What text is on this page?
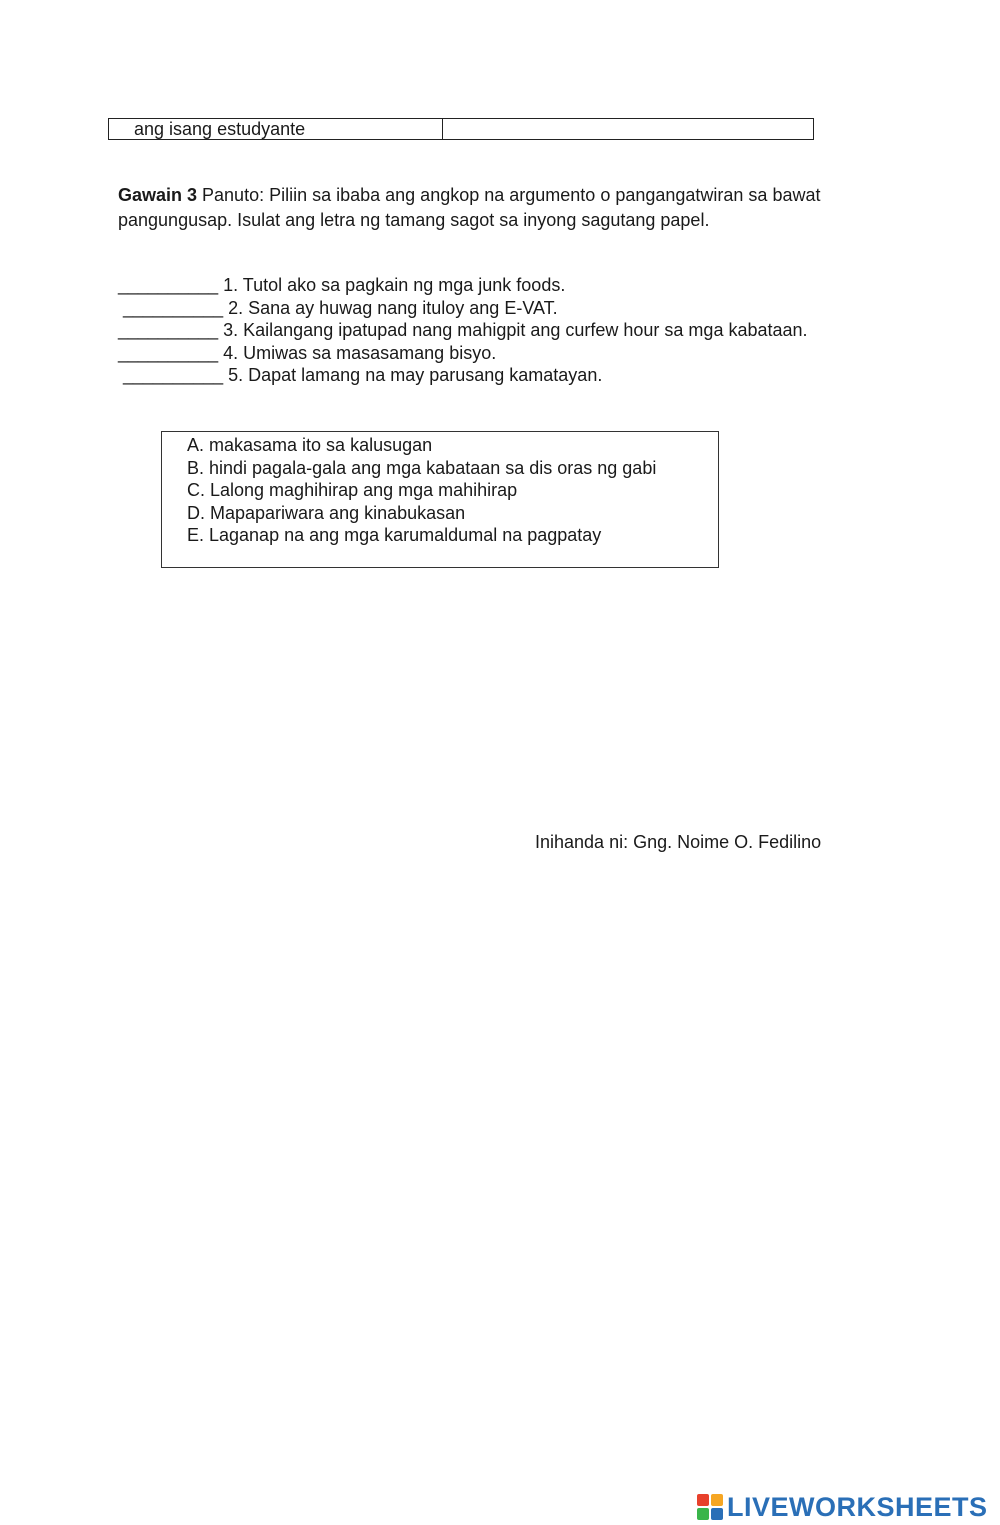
ang isang estudyante
Gawain 3 Panuto: Piliin sa ibaba ang angkop na argumento o pangangatwiran sa bawat pangungusap. Isulat ang letra ng tamang sagot sa inyong sagutang papel.
__________ 1. Tutol ako sa pagkain ng mga junk foods.
__________ 2. Sana ay huwag nang ituloy ang E-VAT.
__________ 3. Kailangang ipatupad nang mahigpit ang curfew hour sa mga kabataan.
__________ 4. Umiwas sa masasamang bisyo.
__________ 5. Dapat lamang na may parusang kamatayan.
A. makasama ito sa kalusugan
B. hindi pagala-gala ang mga kabataan sa dis oras ng gabi
C. Lalong maghihirap ang mga mahihirap
D. Mapapariwara ang kinabukasan
E. Laganap na ang mga karumaldumal na pagpatay
Inihanda ni: Gng. Noime O. Fedilino
LIVEWORKSHEETS
